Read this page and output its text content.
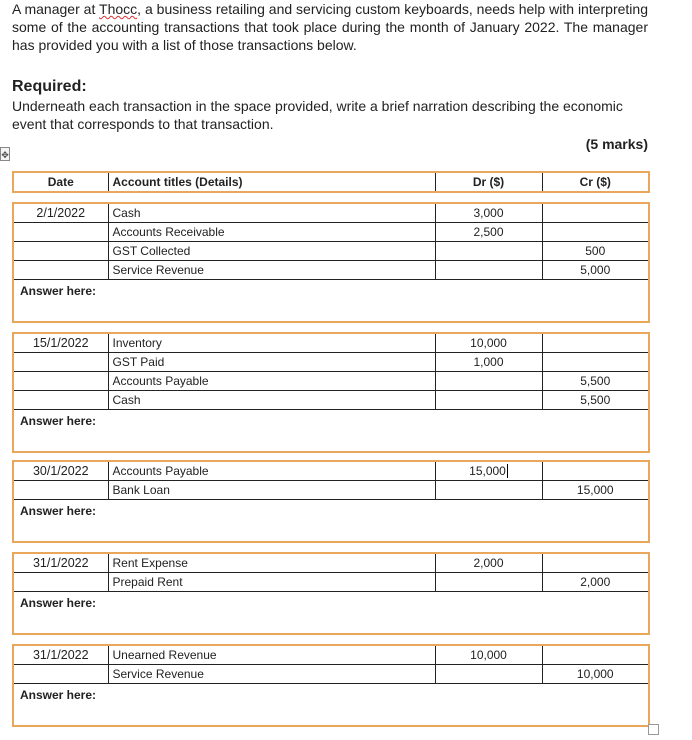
A manager at Thocc, a business retailing and servicing custom keyboards, needs help with interpreting some of the accounting transactions that took place during the month of January 2022. The manager has provided you with a list of those transactions below.
Required:
Underneath each transaction in the space provided, write a brief narration describing the economic event that corresponds to that transaction.
(5 marks)
✥
Date	Account titles (Details)	Dr ($)	Cr ($)
2/1/2022	Cash	3,000	
	Accounts Receivable	2,500	
	GST Collected		500
	Service Revenue		5,000
Answer here:			
15/1/2022	Inventory	10,000	
	GST Paid	1,000	
	Accounts Payable		5,500
	Cash		5,500
Answer here:			
30/1/2022	Accounts Payable	15,000	
	Bank Loan		15,000
Answer here:			
31/1/2022	Rent Expense	2,000	
	Prepaid Rent		2,000
Answer here:			
31/1/2022	Unearned Revenue	10,000	
	Service Revenue		10,000
Answer here:			
